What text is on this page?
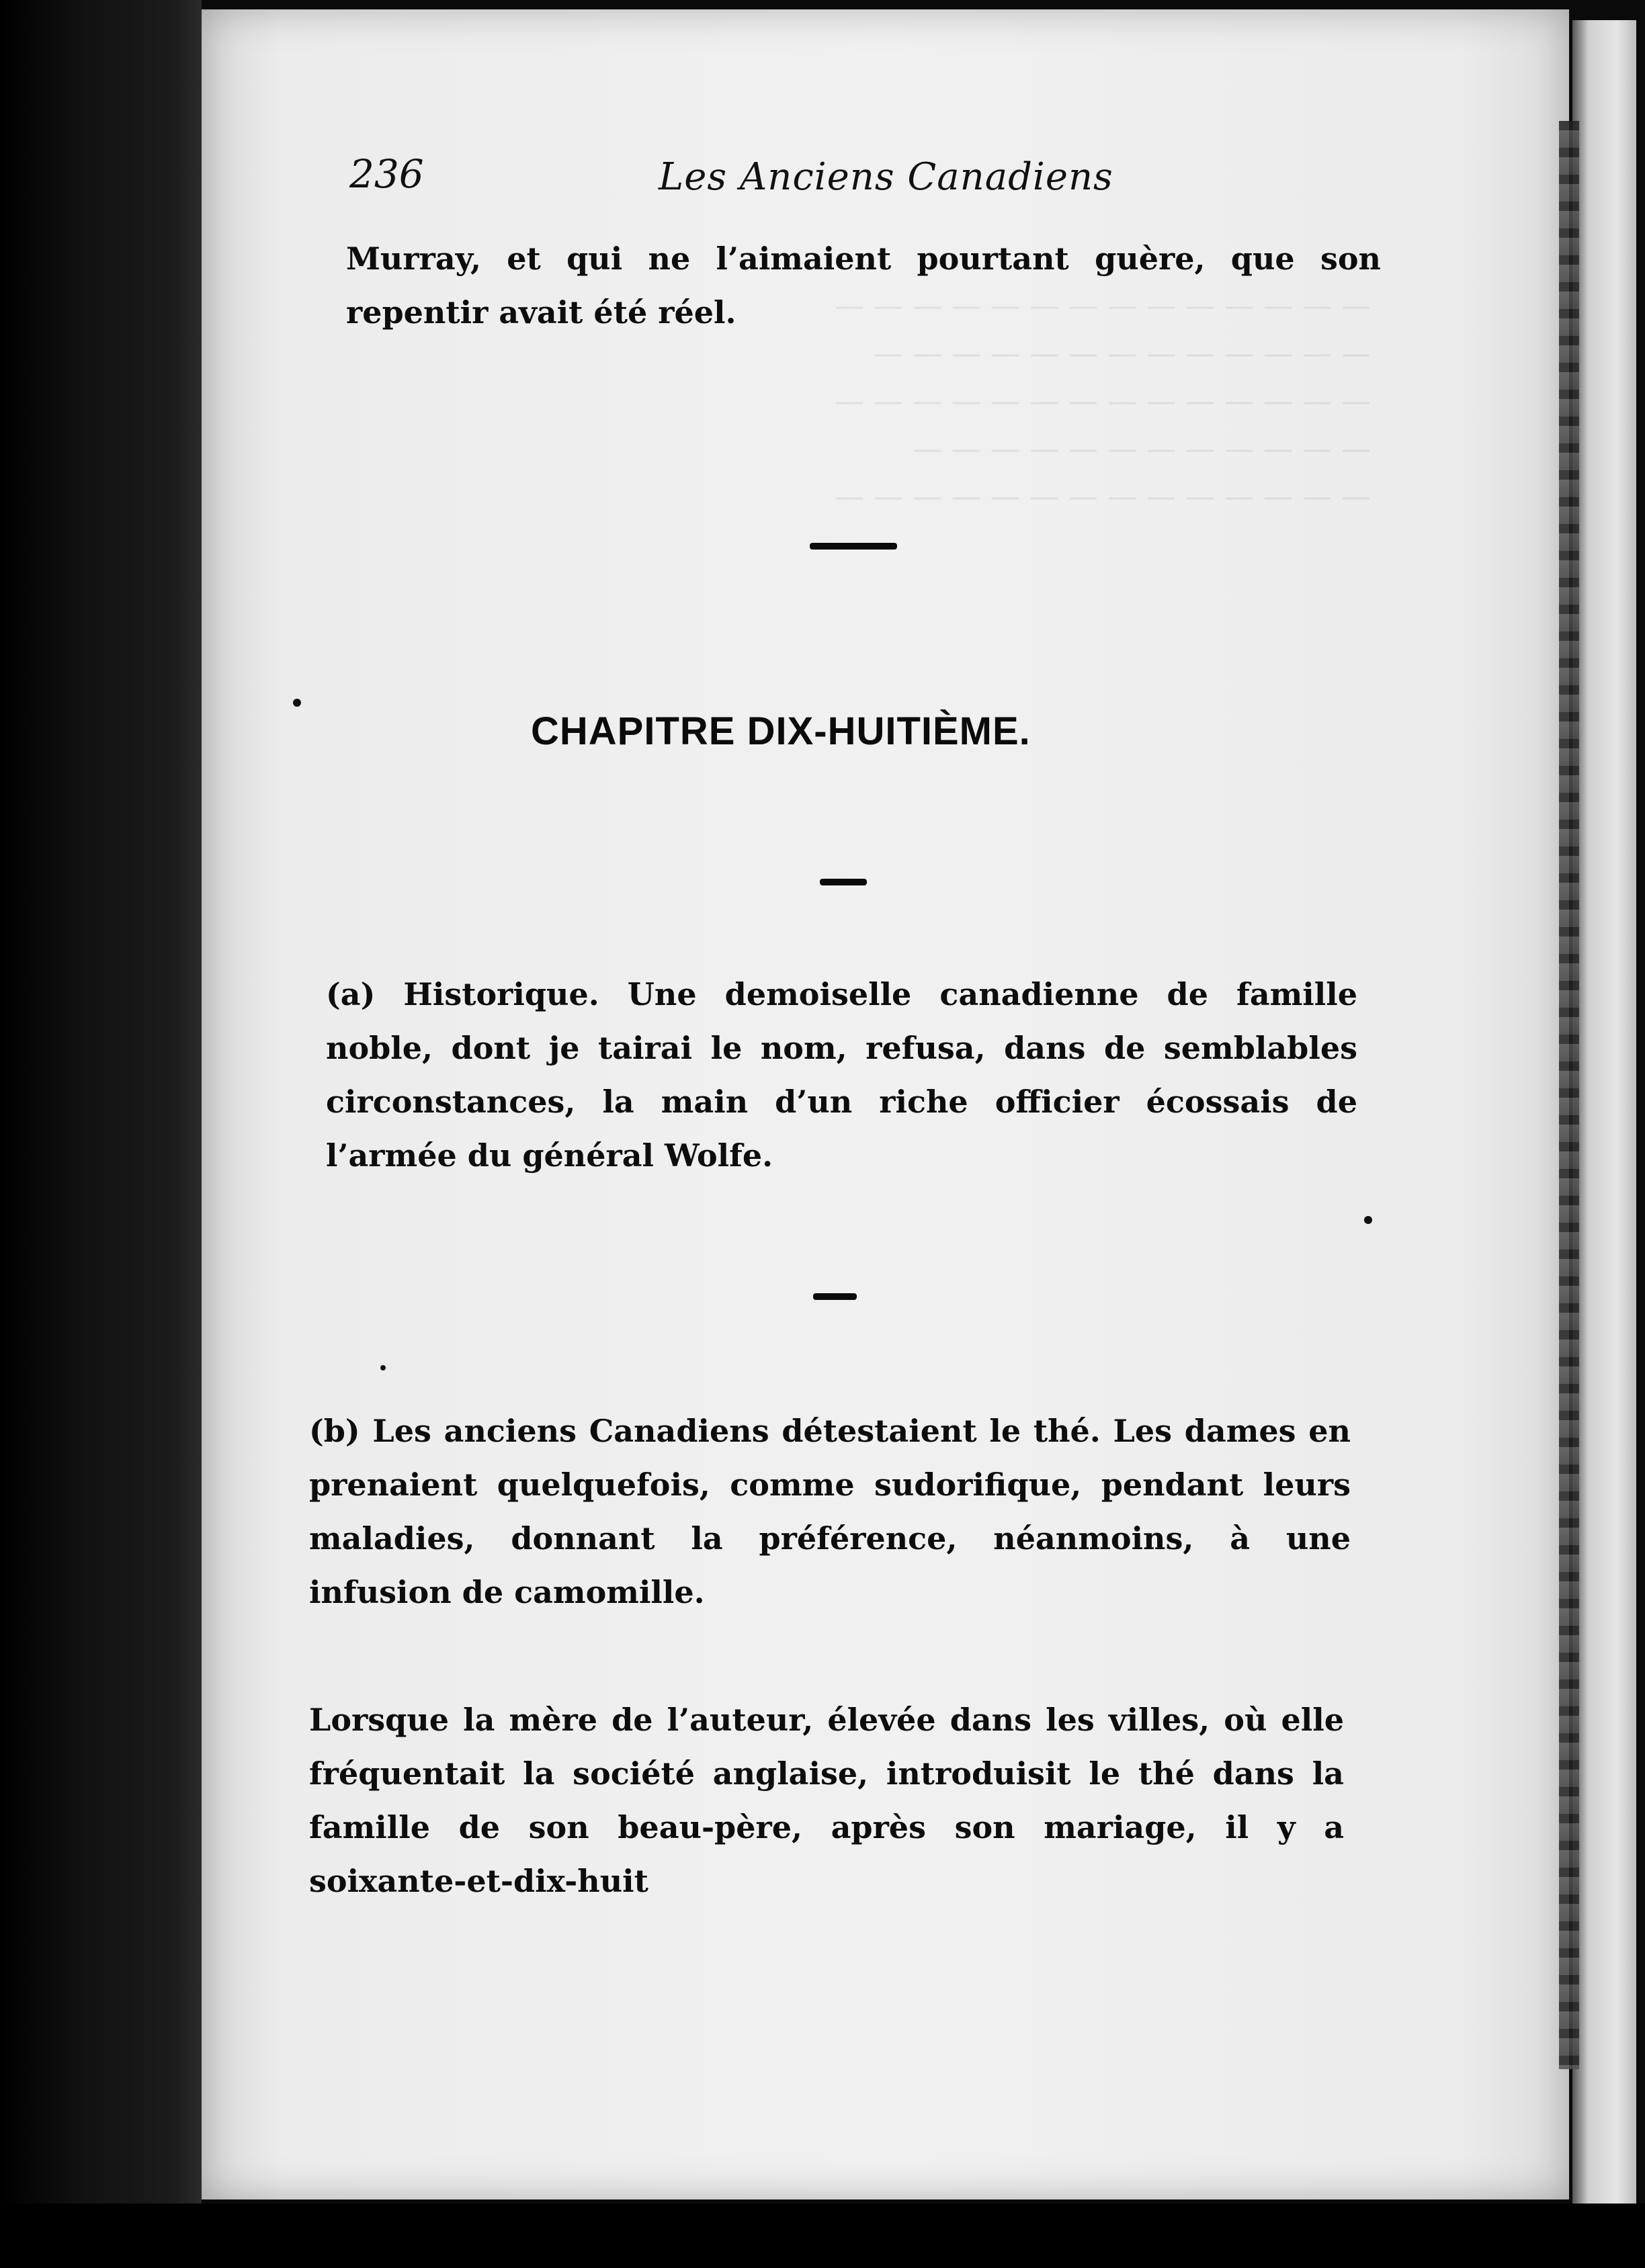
— — — — — — — — — — — — — —
— — — — — — — — — — — — —
— — — — — — — — — — — — — —
— — — — — — — — — — — —
— — — — — — — — — — — — — —
236	Les Anciens Canadiens
Murray, et qui ne l’aimaient pourtant guère, que son repentir avait été réel.
CHAPITRE DIX-HUITIÈME.
(a) Historique. Une demoiselle canadienne de famille noble, dont je tairai le nom, refusa, dans de semblables circonstances, la main d’un riche officier écossais de l’armée du général Wolfe.
(b) Les anciens Canadiens détestaient le thé. Les dames en prenaient quelquefois, comme sudorifique, pendant leurs maladies, donnant la préférence, néanmoins, à une infusion de camomille.
Lorsque la mère de l’auteur, élevée dans les villes, où elle fréquentait la société anglaise, introduisit le thé dans la famille de son beau-père, après son mariage, il y a soixante-et-dix-huit
